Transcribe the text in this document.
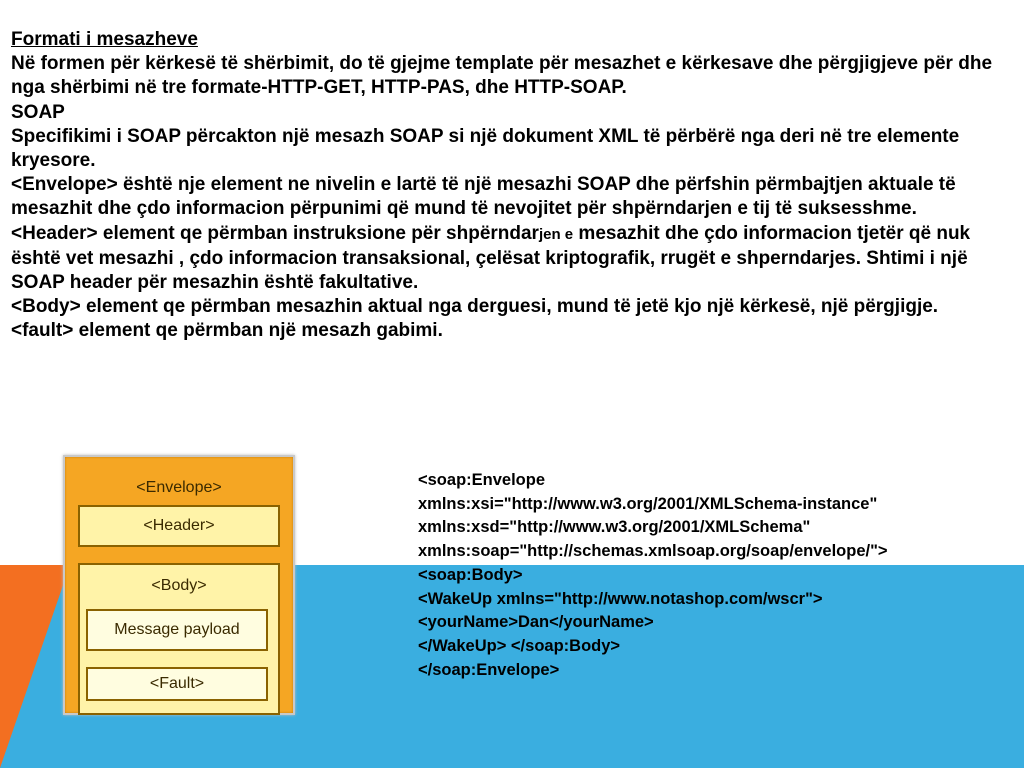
Formati i mesazheve

Në formen për kërkesë të shërbimit, do të gjejme template për mesazhet e kërkesave dhe përgjigjeve për dhe nga shërbimi në tre formate-HTTP-GET, HTTP-PAS, dhe HTTP-SOAP.

SOAP

Specifikimi i SOAP përcakton një mesazh SOAP si një dokument XML të përbërë nga deri në tre elemente kryesore.

<Envelope> është nje element ne nivelin e lartë të një mesazhi SOAP dhe përfshin përmbajtjen aktuale të mesazhit dhe çdo informacion përpunimi që mund të nevojitet për shpërndarjen e tij të suksesshme.

<Header> element qe përmban instruksione për shpërndarjen e mesazhit dhe çdo informacion tjetër që nuk është vet mesazhi , çdo informacion transaksional, çelësat kriptografik, rrugët e shperndarjes. Shtimi i një SOAP header për mesazhin është fakultative.

<Body> element qe përmban mesazhin aktual nga derguesi, mund të jetë kjo një kërkesë, një përgjigje.

<fault> element qe përmban një mesazh gabimi.

<Envelope>
<Header>
<Body>
Message payload
<Fault>
<soap:Envelope
xmlns:xsi="http://www.w3.org/2001/XMLSchema-instance"
xmlns:xsd="http://www.w3.org/2001/XMLSchema"
xmlns:soap="http://schemas.xmlsoap.org/soap/envelope/">
<soap:Body>
<WakeUp xmlns="http://www.notashop.com/wscr">
<yourName>Dan</yourName>
</WakeUp> </soap:Body>
</soap:Envelope>
